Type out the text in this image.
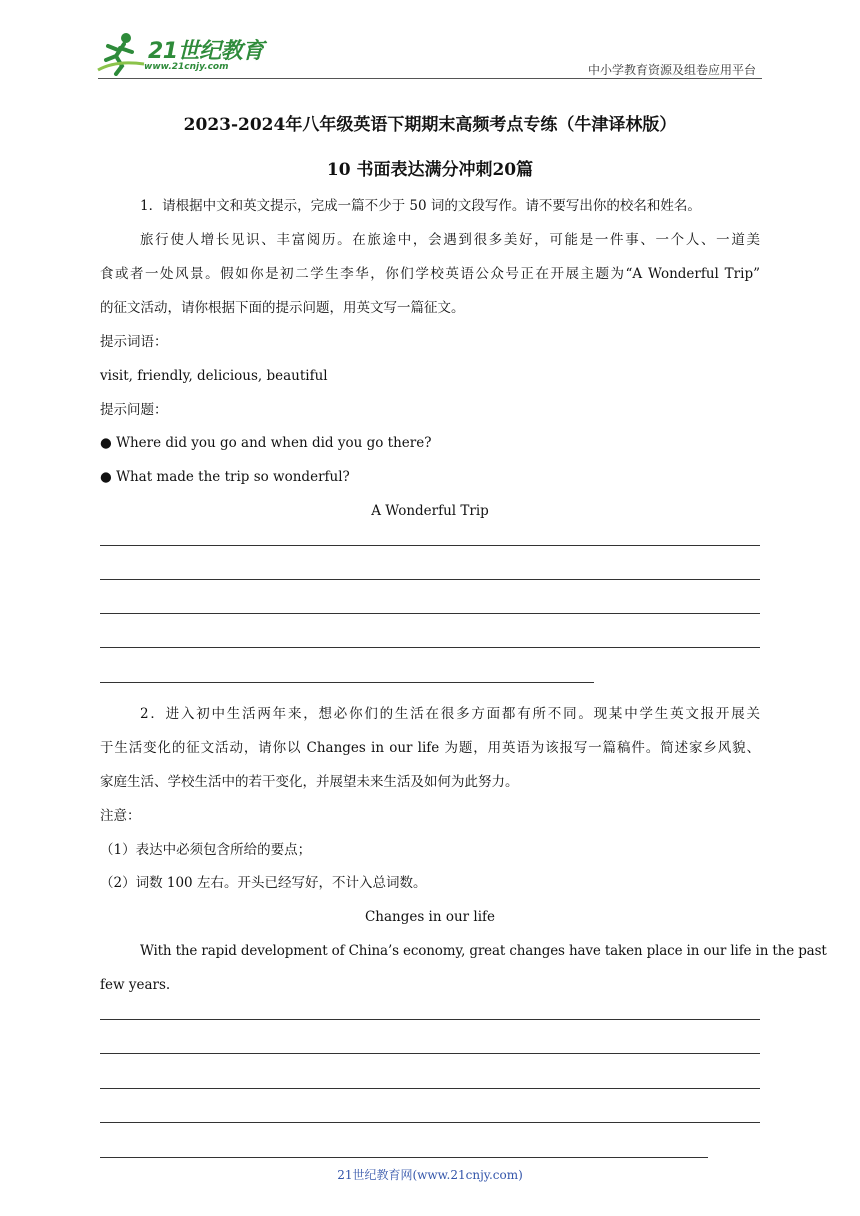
21世纪教育
www.21cnjy.com	中小学教育资源及组卷应用平台
2023-2024年八年级英语下期期末高频考点专练（牛津译林版）
10 书面表达满分冲刺20篇
1．请根据中文和英文提示，完成一篇不少于 50 词的文段写作。请不要写出你的校名和姓名。
旅行使人增长见识、丰富阅历。在旅途中，会遇到很多美好，可能是一件事、一个人、一道美
食或者一处风景。假如你是初二学生李华，你们学校英语公众号正在开展主题为“A Wonderful Trip”
的征文活动，请你根据下面的提示问题，用英文写一篇征文。
提示词语：
visit, friendly, delicious, beautiful
提示问题：
● Where did you go and when did you go there?
● What made the trip so wonderful?
A Wonderful Trip
2．进入初中生活两年来，想必你们的生活在很多方面都有所不同。现某中学生英文报开展关
于生活变化的征文活动，请你以 Changes in our life 为题，用英语为该报写一篇稿件。简述家乡风貌、
家庭生活、学校生活中的若干变化，并展望未来生活及如何为此努力。
注意：
（1）表达中必须包含所给的要点；
（2）词数 100 左右。开头已经写好，不计入总词数。
Changes in our life
With the rapid development of China’s economy, great changes have taken place in our life in the past
few years.
21世纪教育网(www.21cnjy.com)
